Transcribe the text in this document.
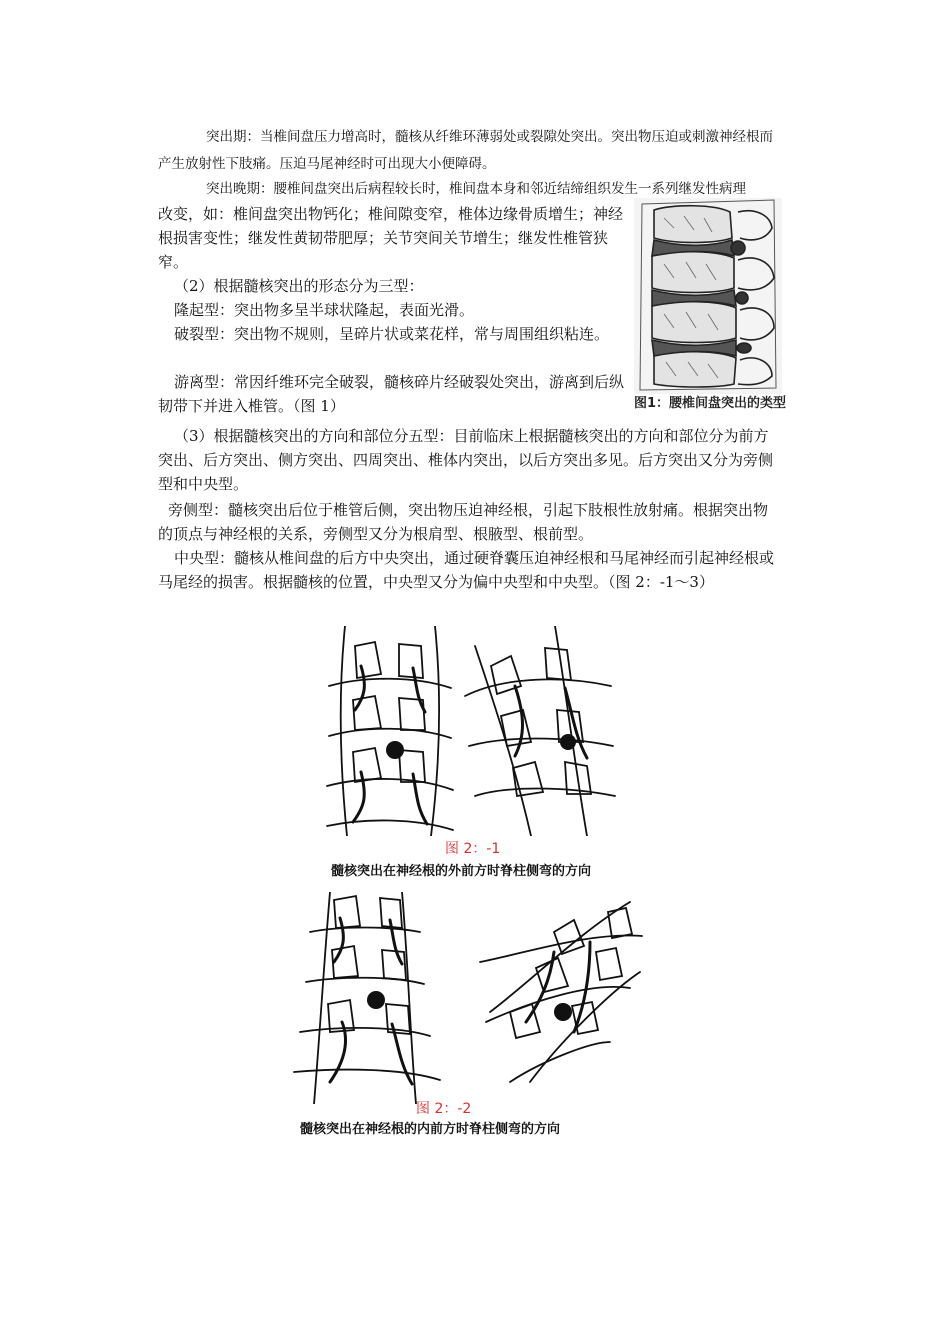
突出期：当椎间盘压力增高时，髓核从纤维环薄弱处或裂隙处突出。突出物压迫或刺激神经根而产生放射性下肢痛。压迫马尾神经时可出现大小便障碍。

突出晚期：腰椎间盘突出后病程较长时，椎间盘本身和邻近结缔组织发生一系列继发性病理

改变，如：椎间盘突出物钙化；椎间隙变窄，椎体边缘骨质增生；神经根损害变性；继发性黄韧带肥厚；关节突间关节增生；继发性椎管狭窄。

（2）根据髓核突出的形态分为三型：

隆起型：突出物多呈半球状隆起，表面光滑。

破裂型：突出物不规则，呈碎片状或菜花样，常与周围组织粘连。

游离型：常因纤维环完全破裂，髓核碎片经破裂处突出，游离到后纵韧带下并进入椎管。（图 1）

（3）根据髓核突出的方向和部位分五型：目前临床上根据髓核突出的方向和部位分为前方突出、后方突出、侧方突出、四周突出、椎体内突出，以后方突出多见。后方突出又分为旁侧型和中央型。

旁侧型：髓核突出后位于椎管后侧，突出物压迫神经根，引起下肢根性放射痛。根据突出物的顶点与神经根的关系，旁侧型又分为根肩型、根腋型、根前型。

中央型：髓核从椎间盘的后方中央突出，通过硬脊囊压迫神经根和马尾神经而引起神经根或马尾经的损害。根据髓核的位置，中央型又分为偏中央型和中央型。（图 2：-1～3）

图1：腰椎间盘突出的类型
图 2：-1
髓核突出在神经根的外前方时脊柱侧弯的方向
图 2：-2
髓核突出在神经根的内前方时脊柱侧弯的方向
